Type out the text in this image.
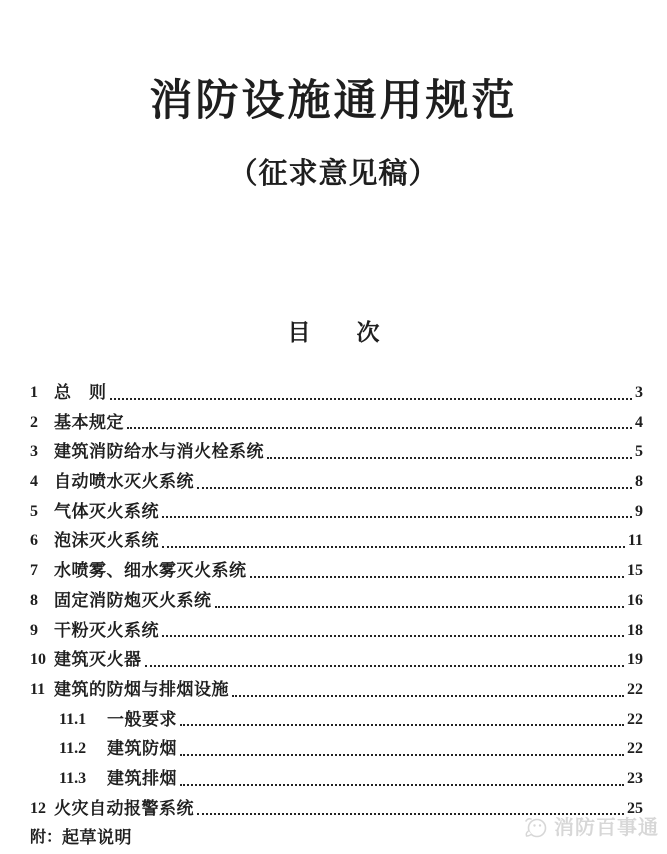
消防设施通用规范
（征求意见稿）
目　　次
1 总　则	3
2 基本规定	4
3 建筑消防给水与消火栓系统	5
4 自动喷水灭火系统	8
5 气体灭火系统	9
6 泡沫灭火系统	11
7 水喷雾、细水雾灭火系统	15
8 固定消防炮灭火系统	16
9 干粉灭火系统	18
10 建筑灭火器	19
11 建筑的防烟与排烟设施	22
11.1	一般要求	22
11.2	建筑防烟	22
11.3	建筑排烟	23
12 火灾自动报警系统	25
附： 起草说明	消防百事通
